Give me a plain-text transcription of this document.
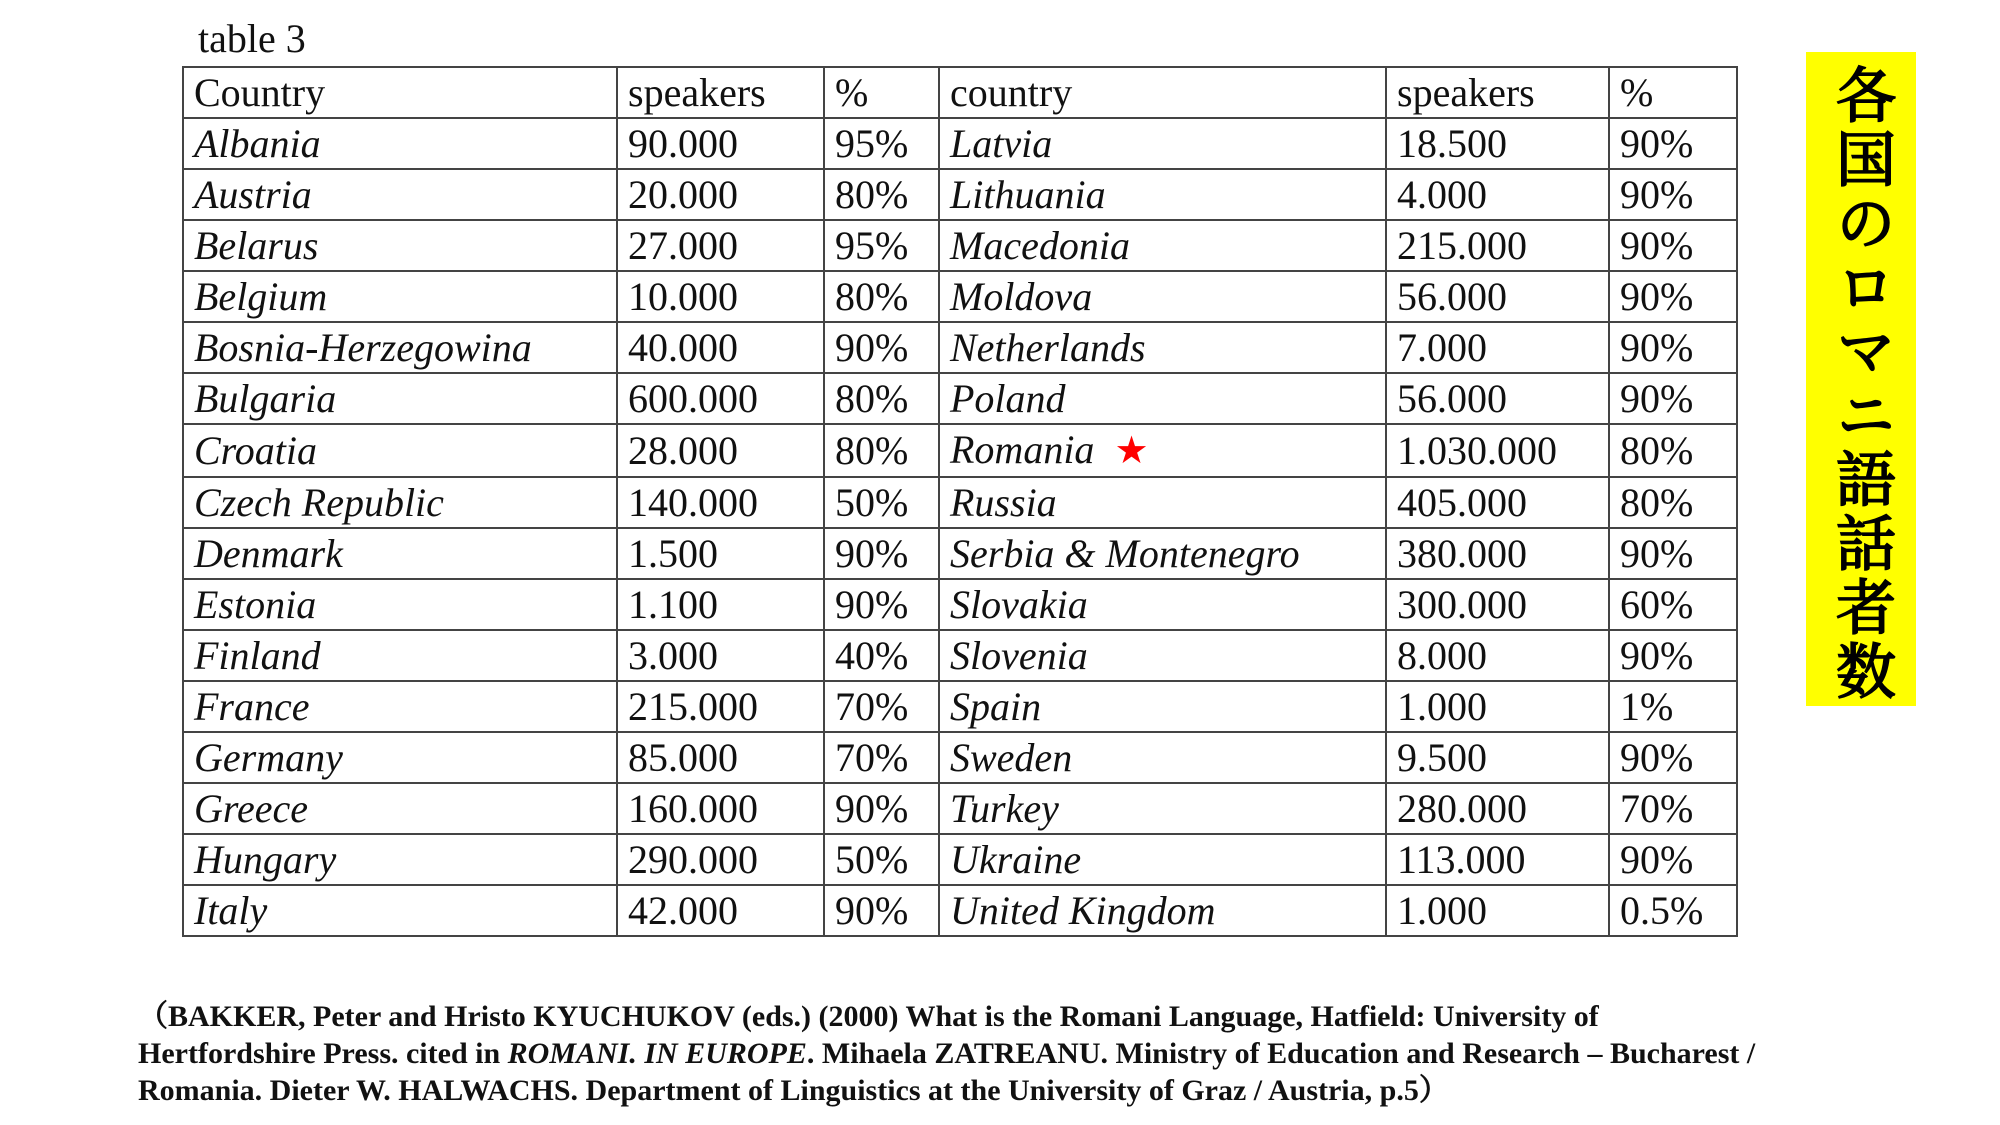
table 3
Country	speakers	%	country	speakers	%
Albania	90.000	95%	Latvia	18.500	90%
Austria	20.000	80%	Lithuania	4.000	90%
Belarus	27.000	95%	Macedonia	215.000	90%
Belgium	10.000	80%	Moldova	56.000	90%
Bosnia-Herzegowina	40.000	90%	Netherlands	7.000	90%
Bulgaria	600.000	80%	Poland	56.000	90%
Croatia	28.000	80%	Romania ★	1.030.000	80%
Czech Republic	140.000	50%	Russia	405.000	80%
Denmark	1.500	90%	Serbia & Montenegro	380.000	90%
Estonia	1.100	90%	Slovakia	300.000	60%
Finland	3.000	40%	Slovenia	8.000	90%
France	215.000	70%	Spain	1.000	1%
Germany	85.000	70%	Sweden	9.500	90%
Greece	160.000	90%	Turkey	280.000	70%
Hungary	290.000	50%	Ukraine	113.000	90%
Italy	42.000	90%	United Kingdom	1.000	0.5%
各国のロマニ語話者数
（BAKKER, Peter and Hristo KYUCHUKOV (eds.) (2000) What is the Romani Language, Hatfield: University of
Hertfordshire Press. cited in ROMANI. IN EUROPE. Mihaela ZATREANU. Ministry of Education and Research – Bucharest /
Romania. Dieter W. HALWACHS. Department of Linguistics at the University of Graz / Austria, p.5）
